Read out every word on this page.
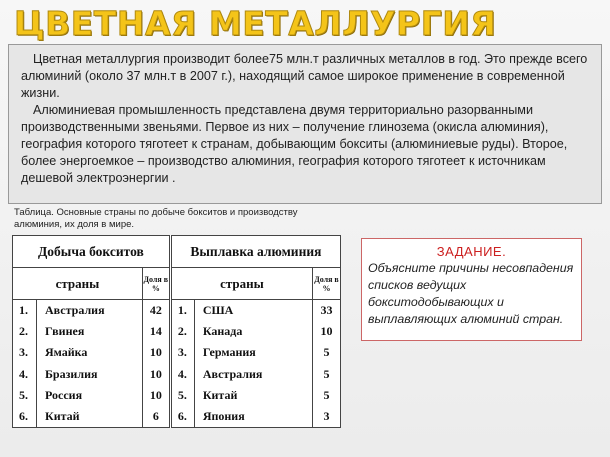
ЦВЕТНАЯ МЕТАЛЛУРГИЯ

Цветная металлургия производит более75 млн.т различных металлов в год. Это прежде всего алюминий (около 37 млн.т в 2007 г.), находящий самое широкое применение в современной жизни.

Алюминиевая промышленность представлена двумя территориально разорванными производственными звеньями. Первое из них – получение глинозема (окисла алюминия), география которого тяготеет к странам, добывающим бокситы (алюминиевые руды). Второе, более энергоемкое – производство алюминия, география которого тяготеет к источникам дешевой электроэнергии .

Таблица. Основные страны по добыче бокситов и производству алюминия, их доля в мире.
Добыча бокситов			Выплавка алюминия		
страны		Доля в %	страны		Доля в %
1.	Австралия	42	1.	США	33
2.	Гвинея	14	2.	Канада	10
3.	Ямайка	10	3.	Германия	5
4.	Бразилия	10	4.	Австралия	5
5.	Россия	10	5.	Китай	5
6.	Китай	6	6.	Япония	3
ЗАДАНИЕ.
Объясните причины несовпадения списков ведущих бокситодобывающих и выплавляющих алюминий стран.
